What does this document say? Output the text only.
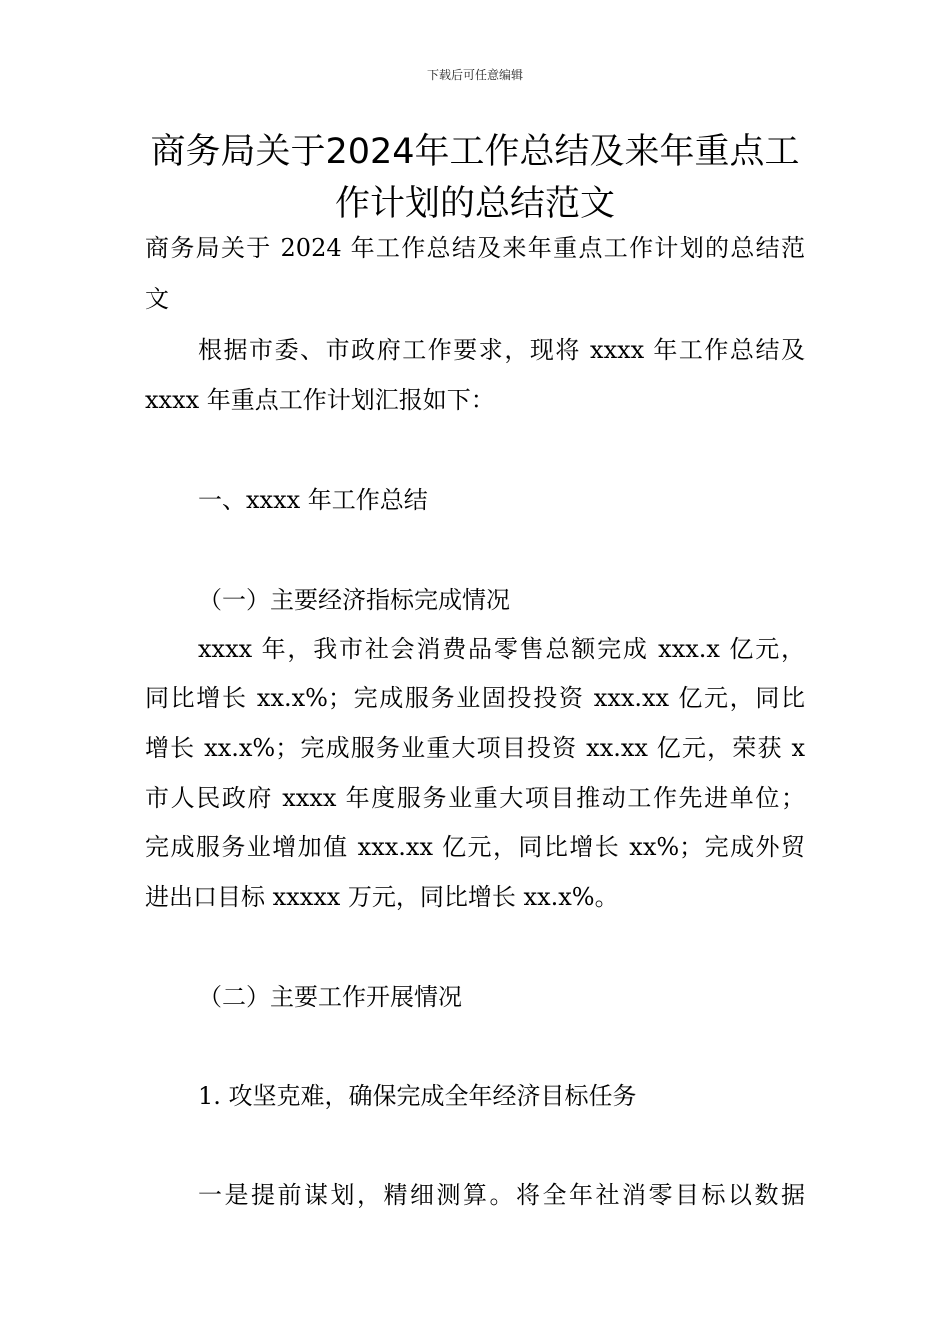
下载后可任意编辑
商务局关于2024年工作总结及来年重点工
作计划的总结范文

商务局关于 2024 年工作总结及来年重点工作计划的总结范

文

根据市委、市政府工作要求，现将 xxxx 年工作总结及

xxxx 年重点工作计划汇报如下：

一、xxxx 年工作总结

（一）主要经济指标完成情况

xxxx 年，我市社会消费品零售总额完成 xxx.x 亿元，

同比增长 xx.x%；完成服务业固投投资 xxx.xx 亿元，同比

增长 xx.x%；完成服务业重大项目投资 xx.xx 亿元，荣获 x

市人民政府 xxxx 年度服务业重大项目推动工作先进单位；

完成服务业增加值 xxx.xx 亿元，同比增长 xx%；完成外贸

进出口目标 xxxxx 万元，同比增长 xx.x%。

（二）主要工作开展情况

1. 攻坚克难，确保完成全年经济目标任务

一是提前谋划，精细测算。将全年社消零目标以数据
